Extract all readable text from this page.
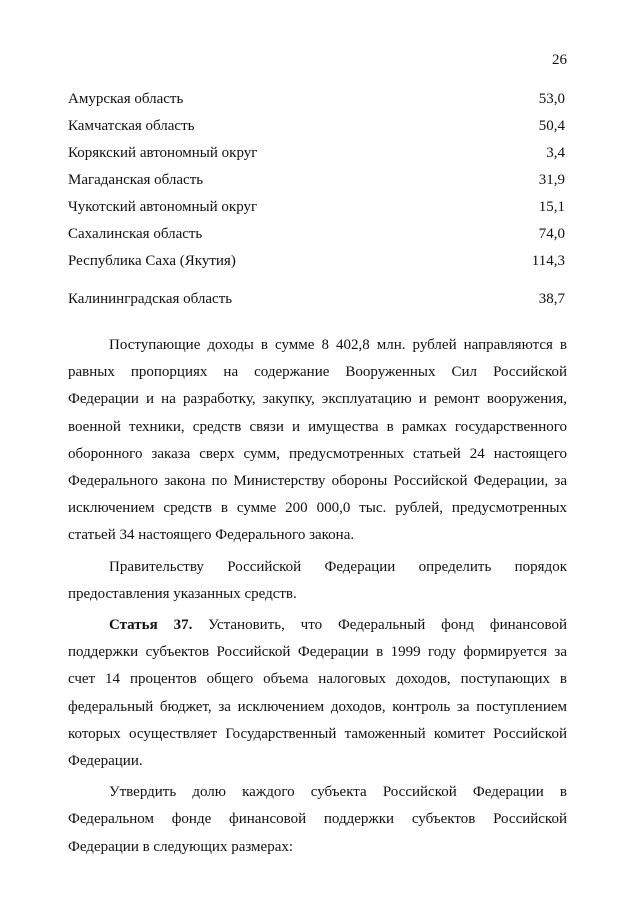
26
Амурская область	53,0
Камчатская область	50,4
Корякский автономный округ	3,4
Магаданская область	31,9
Чукотский автономный округ	15,1
Сахалинская область	74,0
Республика Саха (Якутия)	114,3
Калининградская область	38,7

Поступающие доходы в сумме 8 402,8 млн. рублей направляются в равных пропорциях на содержание Вооруженных Сил Российской Федерации и на разработку, закупку, эксплуатацию и ремонт вооружения, военной техники, средств связи и имущества в рамках государственного оборонного заказа сверх сумм, предусмотренных статьей 24 настоящего Федерального закона по Министерству обороны Российской Федерации, за исключением средств в сумме 200 000,0 тыс. рублей, предусмотренных статьей 34 настоящего Федерального закона.

Правительству Российской Федерации определить порядок предоставления указанных средств.

Статья 37. Установить, что Федеральный фонд финансовой поддержки субъектов Российской Федерации в 1999 году формируется за счет 14 процентов общего объема налоговых доходов, поступающих в федеральный бюджет, за исключением доходов, контроль за поступлением которых осуществляет Государственный таможенный комитет Российской Федерации.

Утвердить долю каждого субъекта Российской Федерации в Федеральном фонде финансовой поддержки субъектов Российской Федерации в следующих размерах:
